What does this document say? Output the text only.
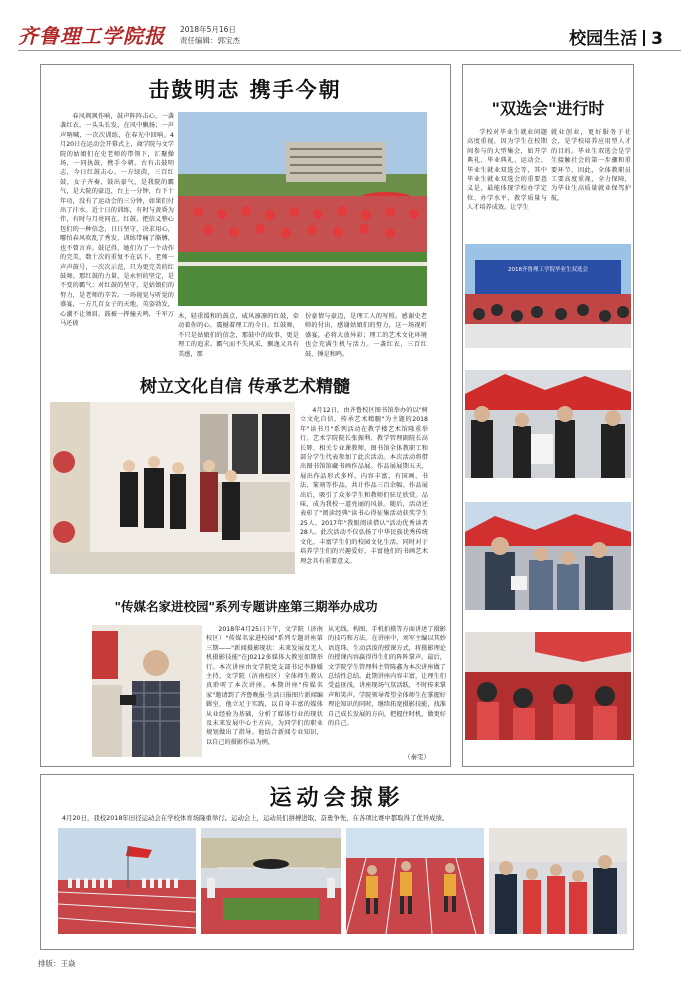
齐鲁理工学院报 2018年5月16日
责任编辑：郭宝杰	校园生活 3
击鼓明志 携手今朝
春风飒飒作响，鼓声阵阵击心，一袭袭红衣，一头头长发，在风中飘扬；一声声呐喊，一次次训练，在春光中回响。4月20日在运动会开幕式上，商学院与文学院的姑娘们在史老师的带领下，汇聚操场，一同执鼓，携手今朝。古有击鼓明志，今日红鼓击心。一方绿茵，三百红鼓，女子齐奏，鼓出豪气，是我院的霸气，是大院的豪迈，台上一分钟，台下十年功，没有了运动会的三分钟，如果们付出了汗水。近十日的训练，有时与黄昏为伴，有时与月亮同在。红鼓，把信义整心包们的一种信念，日日坚守，决求用心，哪怕春风吹乱了秀发，训练带痛了胳膊，也不曾言弃。鼓记得，她们为了一个动作的完美，数十次的重复不在话下。老师一声声鼓号，一次次示范，只为更完美的红鼓舞。那红鼓的力量，是永恒的坚定，是不变的霸气；对红鼓的坚守，是姑娘们的努力，是老师的辛苦。一场视觉与听觉的盛宴，一方几百女子的天地，英姿勃发，心潮不让须眉。鼓被一挥撞天鸣，千军万马还披
木，轻重缓和的鼓点，威风凛凛的红鼓，牵动着你的心，震撼着理工的今日。红鼓舞，不只是姑娘们的信念，那鼓中的故事，更是理工的追求。霸气而不失风采，飘逸又具有美感，那
份豪情与豪迈，是理工人的写照。感谢史老师的付出，感谢姑娘们的努力，这一场视听盛宴，必将大放异彩；理工的艺术文化环境也会充满生机与活力。一袭红衣，三百红鼓，锤是和鸣。
树立文化自信 传承艺术精髓
4月12日，由齐鲁校区图书馆举办的以"树立文化自信，传承艺术精髓"为主题的2018年"读书月"系列活动在教学楼艺术馆隆重举行。艺术学院院长张振利、教学管理副院长高长辉、相关专业课教师、图书馆全体教职工和部分学生代表参加了此次活动。本次活动将借出图书馆馆藏书画作品展。作品展展期五天，展出作品形式多样，内容丰富，有国画、书法、篆刻等作品，共计作品三百余幅。作品展出后，吸引了众多学生和教师们驻足欣赏。品味，成为我校一道亮丽的风景。随后，活动还表彰了"阅读经典"读书心得征集活动获奖学生25人、2017年"我眼阅读借认"活动优秀读者28人。此次活动不仅弘扬了中华民族优秀传统文化，丰富学生们的校园文化生活，同时对于培养学生们的兴趣爱好，丰富他们的书画艺术理念具有重要意义。
"传媒名家进校园"系列专题讲座第三期举办成功
2018年4月25日下午，文学院（济南校区）"传媒名家进校园"系列专题讲座第三期——"新闻摄影现状：未来发展及无人机摄影技能"在J0212多媒体大教室如期举行。本次讲座由文学院党支部书记李静媛主持，文学院（济南校区）全体师生教认真聆听了本次讲座。本期讲座"传媒名家"邀请到了齐鲁晚报·生活日报图片新闻编辑室，他立足于实践，以自身丰富的媒体从业经验为基础，分析了媒体行业的现状及未来发展中心主方向，为同学们的职业规划做出了指导。他结合新闻专业知识，以自己的摄影作品为例，
从光线、构图、手机拍摄等方面讲述了摄影的技巧和方法。在讲座中，刘军主编以其妙语连珠、生动活泼的授课方式，将摄影理论的授课内容赢得得生们的阵阵掌声。最后，文学院学生管理科主管陈鑫为本次讲座做了总结性总结。此期讲座内容丰富，让理生们受益匪浅，讲座现场气氛活跃，不时传来掌声和笑声。学院领导希望全体师生在掌握好理论知识的同时，继续拓宽摄影技能，找准自己成长发展的方向，把握住时机，做更好的自己。
（秦雯）
"双选会"进行时
学校对毕业生就业问题高度重视，因为学生在校期间参与的大型集会，如开学典礼、毕业典礼、运动会、毕业生就业双选会等，其中毕业生就业双选会的重要意义是，最能体现学校办学定位、办学水平、教学质量与人才培养成效。让学生
就业创业，更好服务于社会，是学校培养应用型人才的目的。毕业生双选会是学生接触社会的第一步骤和重要环节，因此，全体教职员工要高度重视，全力保障，为毕业生高质量就业保驾护航。
2018齐鲁理工学院毕业生双选会
运动会掠影
4月20日，我校2018年田径运动会在学校体育场隆重举行。运动会上，运动员们拼搏进取、奋勇争先，在各项比赛中都取得了优异成绩。
排版：王焱
